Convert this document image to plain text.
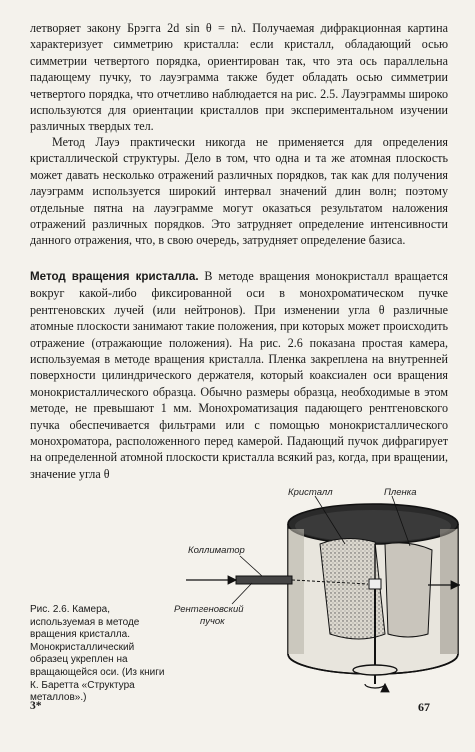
летворяет закону Брэгга 2d sin θ = nλ. Получаемая дифракционная картина характеризует симметрию кристалла: если кристалл, обладающий осью симметрии четвертого порядка, ориентирован так, что эта ось параллельна падающему пучку, то лауэграмма также будет обладать осью симметрии четвертого порядка, что отчетливо наблюдается на рис. 2.5. Лауэграммы широко используются для ориентации кристаллов при экспериментальном изучении различных твердых тел.

Метод Лауэ практически никогда не применяется для определения кристаллической структуры. Дело в том, что одна и та же атомная плоскость может давать несколько отражений различных порядков, так как для получения лауэграмм используется широкий интервал значений длин волн; поэтому отдельные пятна на лауэграмме могут оказаться результатом наложения отражений различных порядков. Это затрудняет определение интенсивности данного отражения, что, в свою очередь, затрудняет определение базиса.

Метод вращения кристалла. В методе вращения монокристалл вращается вокруг какой-либо фиксированной оси в монохроматическом пучке рентгеновских лучей (или нейтронов). При изменении угла θ различные атомные плоскости занимают такие положения, при которых может происходить отражение (отражающие положения). На рис. 2.6 показана простая камера, используемая в методе вращения кристалла. Пленка закреплена на внутренней поверхности цилиндрического держателя, который коаксиален оси вращения монокристаллического образца. Обычно размеры образца, необходимые в этом методе, не превышают 1 мм. Монохроматизация падающего рентгеновского пучка обеспечивается фильтрами или с помощью монокристаллического монохроматора, расположенного перед камерой. Падающий пучок дифрагирует на определенной атомной плоскости кристалла всякий раз, когда, при вращении, значение угла θ

Рис. 2.6. Камера, используемая в методе вращения кристалла. Монокристаллический образец укреплен на вращающейся оси. (Из книги К. Баретта «Структура металлов».)

Кристалл	Пленка
Коллиматор
Рентгеновский
пучок
3*	67
